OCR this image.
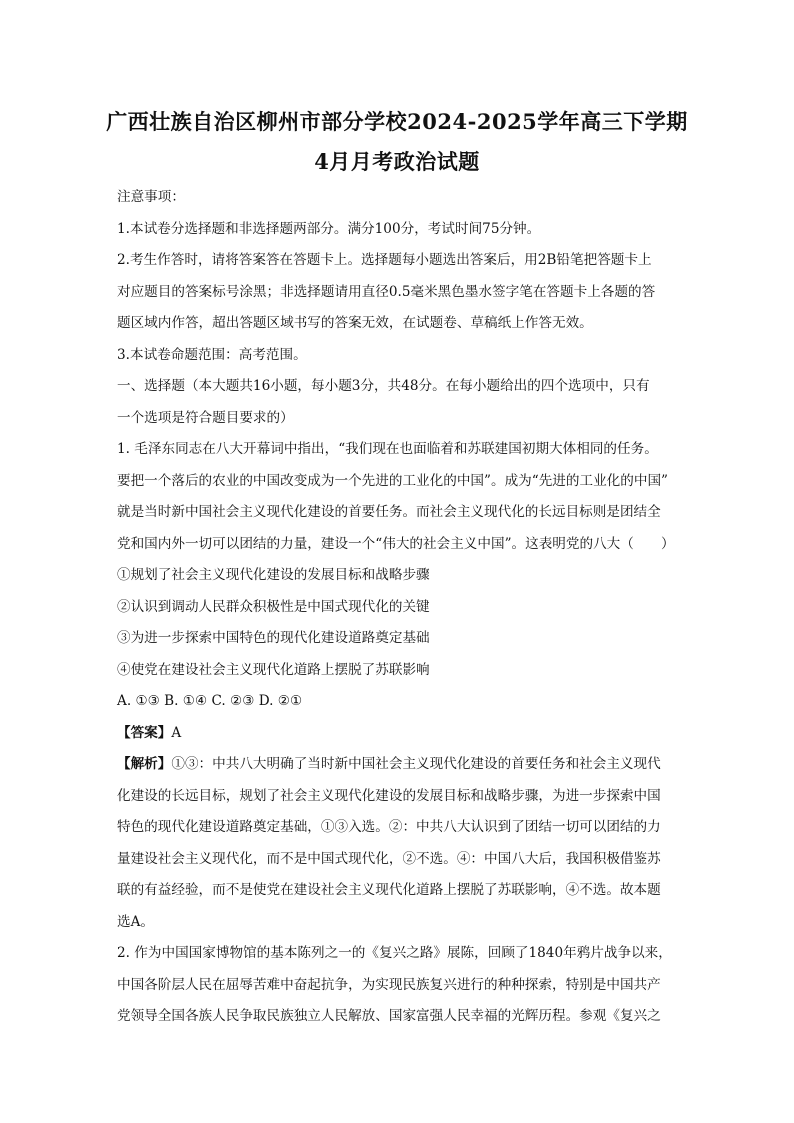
广西壮族自治区柳州市部分学校2024-2025学年高三下学期
4月月考政治试题
注意事项：
1.本试卷分选择题和非选择题两部分。满分100分，考试时间75分钟。
2.考生作答时，请将答案答在答题卡上。选择题每小题选出答案后，用2B铅笔把答题卡上
对应题目的答案标号涂黑；非选择题请用直径0.5毫米黑色墨水签字笔在答题卡上各题的答
题区域内作答，超出答题区域书写的答案无效，在试题卷、草稿纸上作答无效。
3.本试卷命题范围：高考范围。
一、选择题（本大题共16小题，每小题3分，共48分。在每小题给出的四个选项中，只有
一个选项是符合题目要求的）
1. 毛泽东同志在八大开幕词中指出，“我们现在也面临着和苏联建国初期大体相同的任务。
要把一个落后的农业的中国改变成为一个先进的工业化的中国”。成为“先进的工业化的中国”
就是当时新中国社会主义现代化建设的首要任务。而社会主义现代化的长远目标则是团结全
党和国内外一切可以团结的力量，建设一个“伟大的社会主义中国”。这表明党的八大（　　）
①规划了社会主义现代化建设的发展目标和战略步骤
②认识到调动人民群众积极性是中国式现代化的关键
③为进一步探索中国特色的现代化建设道路奠定基础
④使党在建设社会主义现代化道路上摆脱了苏联影响
A. ①③ B. ①④ C. ②③ D. ②①
【答案】A
【解析】①③：中共八大明确了当时新中国社会主义现代化建设的首要任务和社会主义现代
化建设的长远目标，规划了社会主义现代化建设的发展目标和战略步骤，为进一步探索中国
特色的现代化建设道路奠定基础，①③入选。②：中共八大认识到了团结一切可以团结的力
量建设社会主义现代化，而不是中国式现代化，②不选。④：中国八大后，我国积极借鉴苏
联的有益经验，而不是使党在建设社会主义现代化道路上摆脱了苏联影响，④不选。故本题
选A。
2. 作为中国国家博物馆的基本陈列之一的《复兴之路》展陈，回顾了1840年鸦片战争以来，
中国各阶层人民在屈辱苦难中奋起抗争，为实现民族复兴进行的种种探索，特别是中国共产
党领导全国各族人民争取民族独立人民解放、国家富强人民幸福的光辉历程。参观《复兴之
